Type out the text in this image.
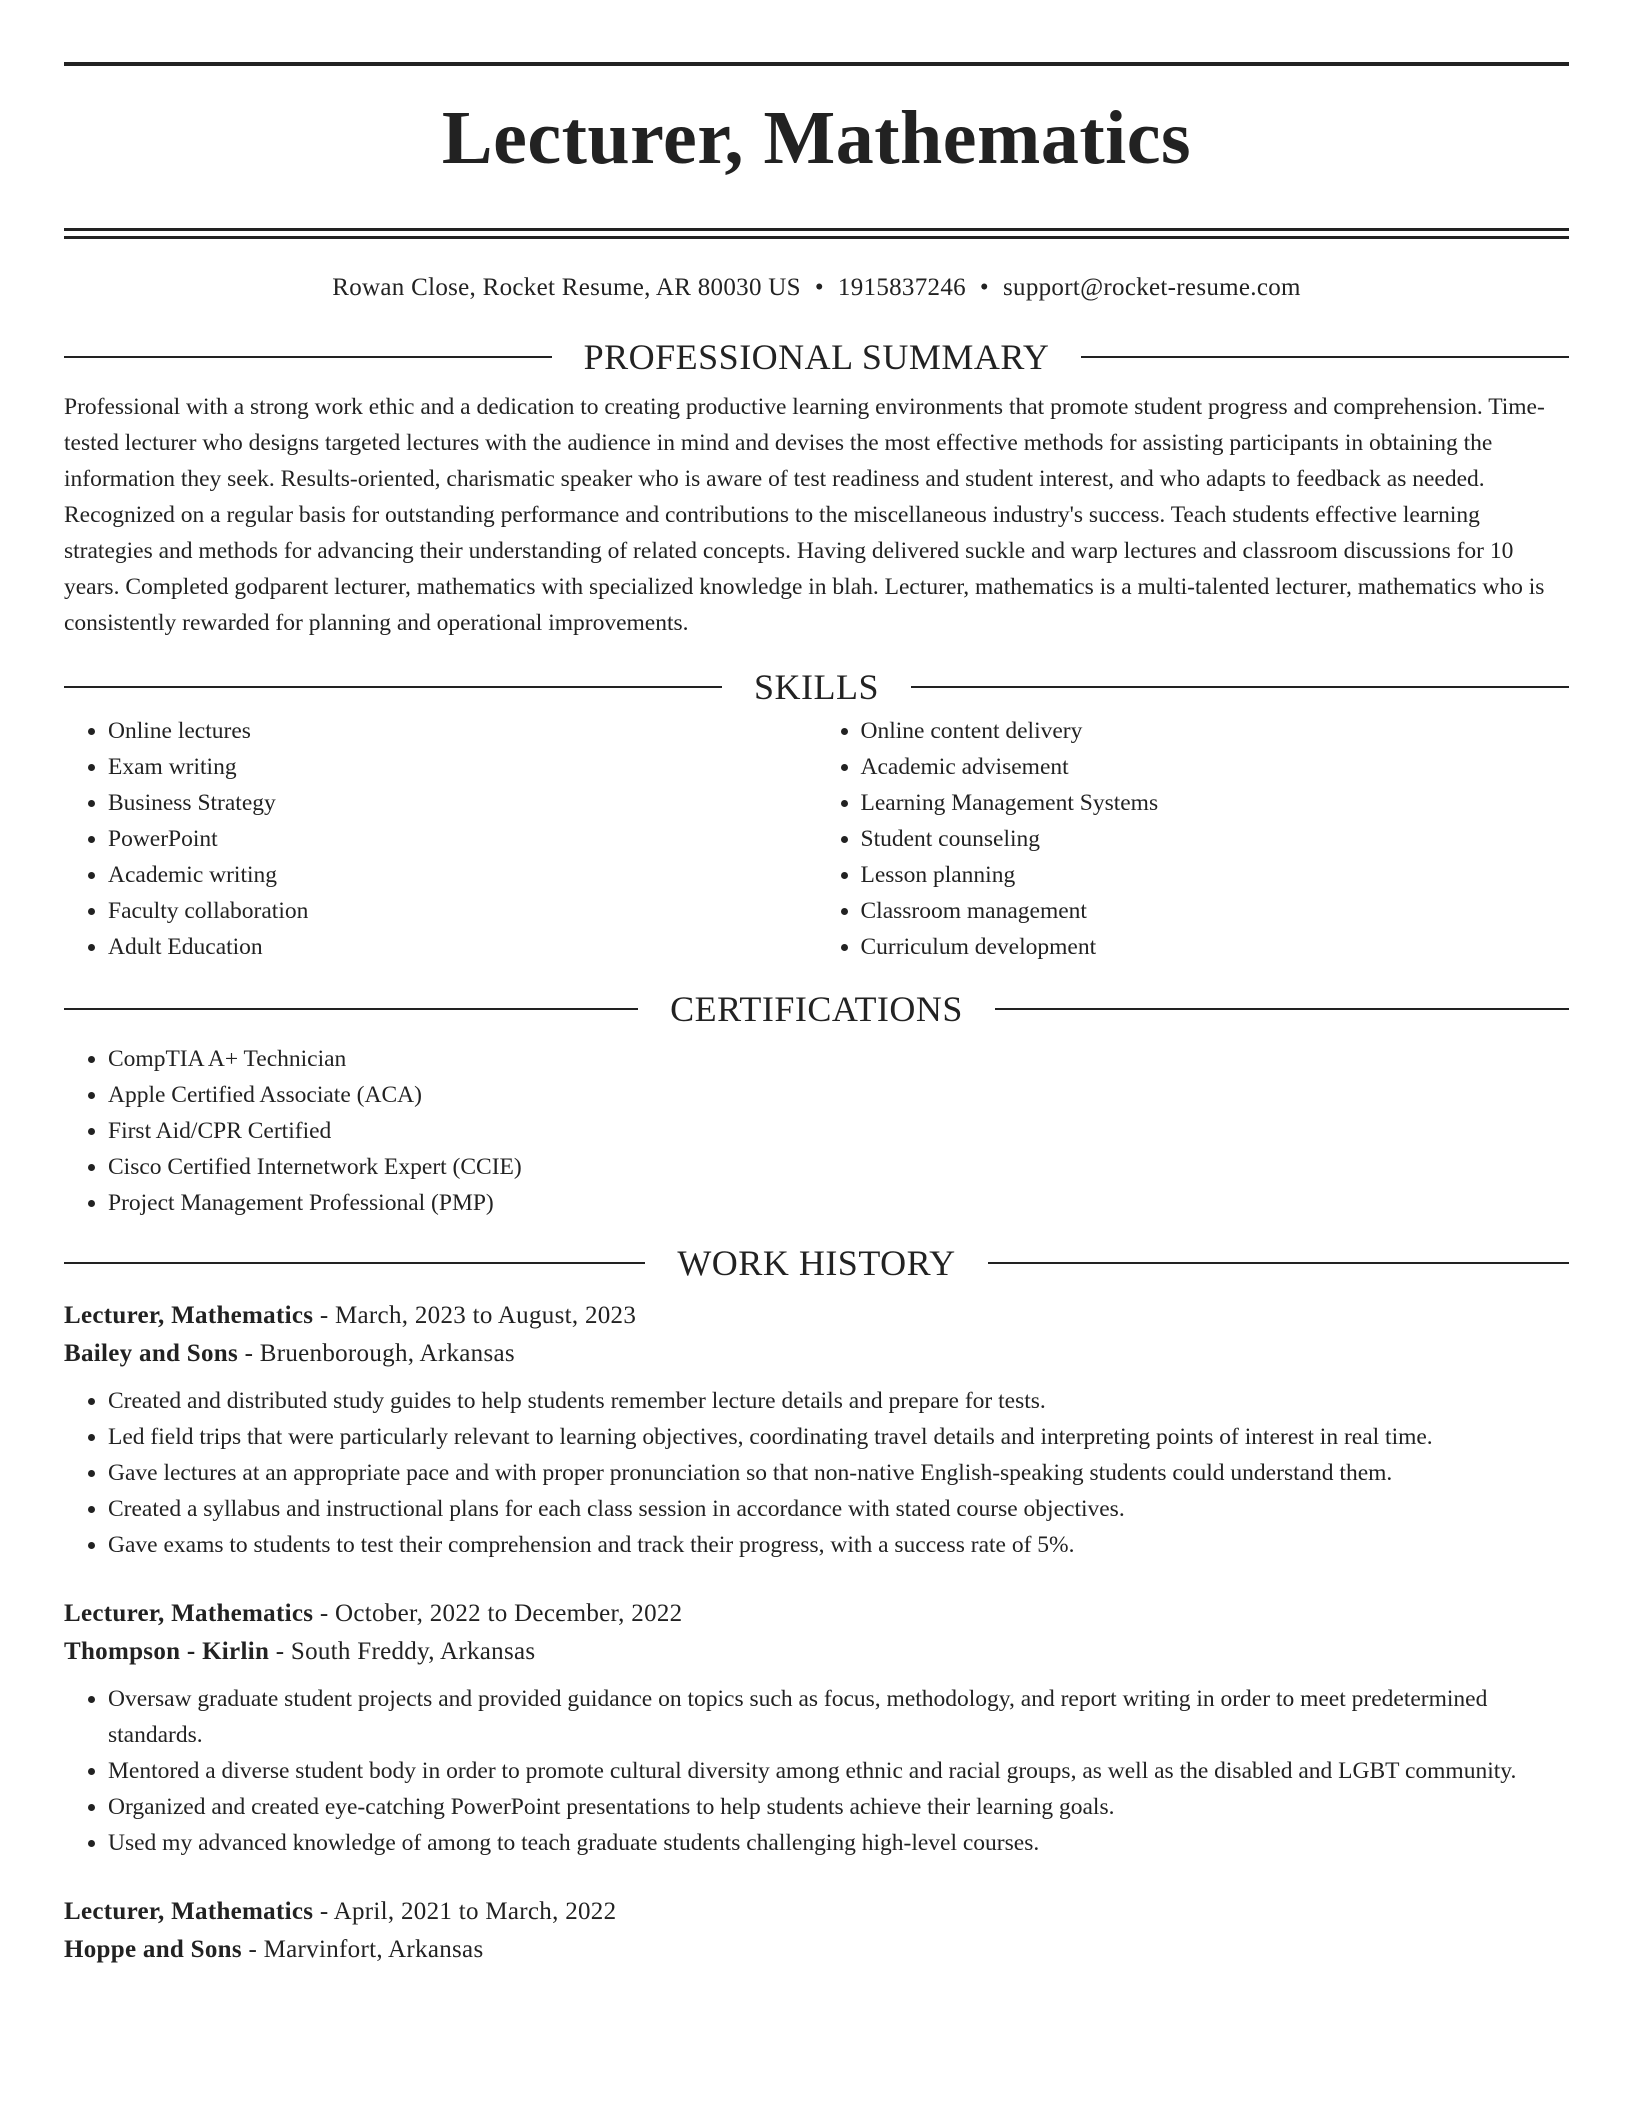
Lecturer, Mathematics
Rowan Close, Rocket Resume, AR 80030 US • 1915837246 • support@rocket-resume.com
PROFESSIONAL SUMMARY

Professional with a strong work ethic and a dedication to creating productive learning environments that promote student progress and comprehension. Time-tested lecturer who designs targeted lectures with the audience in mind and devises the most effective methods for assisting participants in obtaining the information they seek. Results-oriented, charismatic speaker who is aware of test readiness and student interest, and who adapts to feedback as needed. Recognized on a regular basis for outstanding performance and contributions to the miscellaneous industry's success. Teach students effective learning strategies and methods for advancing their understanding of related concepts. Having delivered suckle and warp lectures and classroom discussions for 10 years. Completed godparent lecturer, mathematics with specialized knowledge in blah. Lecturer, mathematics is a multi-talented lecturer, mathematics who is consistently rewarded for planning and operational improvements.

SKILLS
• Online lectures
• Exam writing
• Business Strategy
• PowerPoint
• Academic writing
• Faculty collaboration
• Adult Education
• Online content delivery
• Academic advisement
• Learning Management Systems
• Student counseling
• Lesson planning
• Classroom management
• Curriculum development
CERTIFICATIONS
• CompTIA A+ Technician
• Apple Certified Associate (ACA)
• First Aid/CPR Certified
• Cisco Certified Internetwork Expert (CCIE)
• Project Management Professional (PMP)
WORK HISTORY
Lecturer, Mathematics - March, 2023 to August, 2023
Bailey and Sons - Bruenborough, Arkansas
• Created and distributed study guides to help students remember lecture details and prepare for tests.
• Led field trips that were particularly relevant to learning objectives, coordinating travel details and interpreting points of interest in real time.
• Gave lectures at an appropriate pace and with proper pronunciation so that non-native English-speaking students could understand them.
• Created a syllabus and instructional plans for each class session in accordance with stated course objectives.
• Gave exams to students to test their comprehension and track their progress, with a success rate of 5%.
Lecturer, Mathematics - October, 2022 to December, 2022
Thompson - Kirlin - South Freddy, Arkansas
• Oversaw graduate student projects and provided guidance on topics such as focus, methodology, and report writing in order to meet predetermined standards.
• Mentored a diverse student body in order to promote cultural diversity among ethnic and racial groups, as well as the disabled and LGBT community.
• Organized and created eye-catching PowerPoint presentations to help students achieve their learning goals.
• Used my advanced knowledge of among to teach graduate students challenging high-level courses.
Lecturer, Mathematics - April, 2021 to March, 2022
Hoppe and Sons - Marvinfort, Arkansas
